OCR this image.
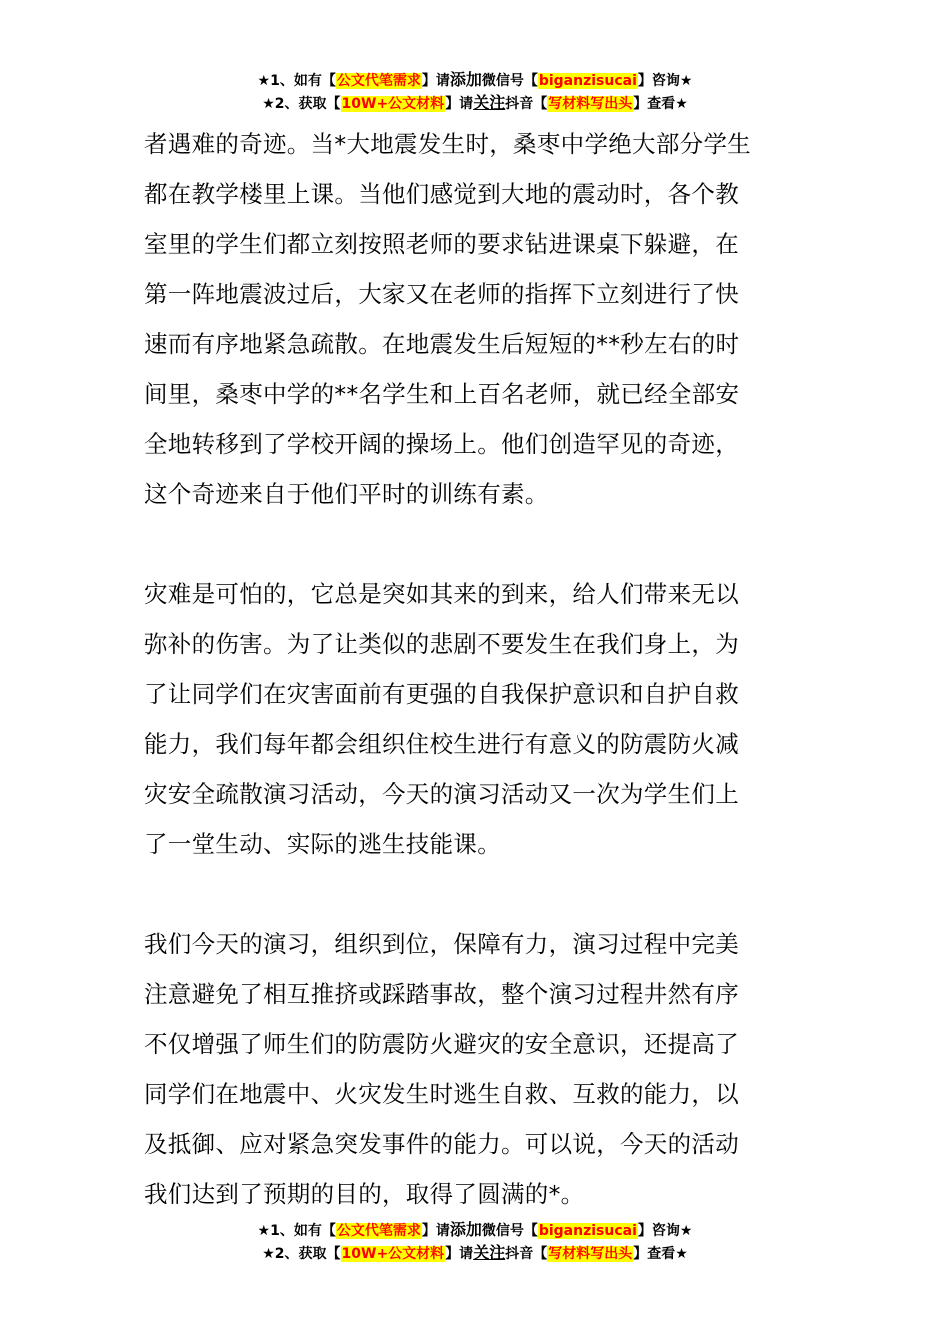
★1、如有【公文代笔需求】请添加微信号【biganzisucai】咨询★
★2、获取【10W+公文材料】请关注抖音【写材料写出头】查看★

者遇难的奇迹。当*大地震发生时，桑枣中学绝大部分学生
都在教学楼里上课。当他们感觉到大地的震动时，各个教
室里的学生们都立刻按照老师的要求钻进课桌下躲避，在
第一阵地震波过后，大家又在老师的指挥下立刻进行了快
速而有序地紧急疏散。在地震发生后短短的**秒左右的时
间里，桑枣中学的**名学生和上百名老师，就已经全部安
全地转移到了学校开阔的操场上。他们创造罕见的奇迹，
这个奇迹来自于他们平时的训练有素。

灾难是可怕的，它总是突如其来的到来，给人们带来无以
弥补的伤害。为了让类似的悲剧不要发生在我们身上，为
了让同学们在灾害面前有更强的自我保护意识和自护自救
能力，我们每年都会组织住校生进行有意义的防震防火减
灾安全疏散演习活动，今天的演习活动又一次为学生们上
了一堂生动、实际的逃生技能课。

我们今天的演习，组织到位，保障有力，演习过程中完美
注意避免了相互推挤或踩踏事故，整个演习过程井然有序
不仅增强了师生们的防震防火避灾的安全意识，还提高了
同学们在地震中、火灾发生时逃生自救、互救的能力，以
及抵御、应对紧急突发事件的能力。可以说，今天的活动
我们达到了预期的目的，取得了圆满的*。

★1、如有【公文代笔需求】请添加微信号【biganzisucai】咨询★
★2、获取【10W+公文材料】请关注抖音【写材料写出头】查看★
